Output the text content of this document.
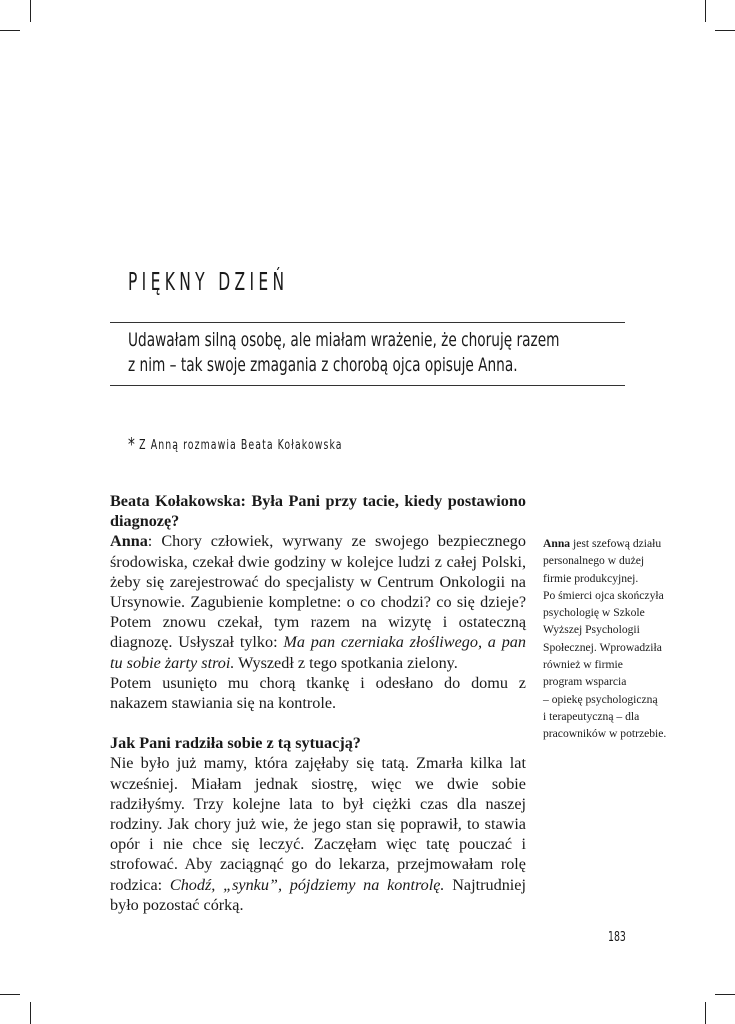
PIĘKNY DZIEŃ
Udawałam silną osobę, ale miałam wrażenie, że choruję razem
z nim – tak swoje zmagania z chorobą ojca opisuje Anna.
* Z Anną rozmawia Beata Kołakowska

Beata Kołakowska: Była Pani przy tacie, kiedy postawiono diagnozę?

Anna: Chory człowiek, wyrwany ze swojego bezpiecznego środowiska, czekał dwie godziny w kolejce ludzi z całej Polski, żeby się zarejestrować do specjalisty w Centrum Onkologii na Ursynowie. Zagubienie kompletne: o co chodzi? co się dzieje? Potem znowu czekał, tym razem na wizytę i ostateczną diagnozę. Usłyszał tylko: Ma pan czerniaka złośliwego, a pan tu sobie żarty stroi. Wyszedł z tego spotkania zielony.

Potem usunięto mu chorą tkankę i odesłano do domu z nakazem stawiania się na kontrole.

Jak Pani radziła sobie z tą sytuacją?

Nie było już mamy, która zajęłaby się tatą. Zmarła kilka lat wcześniej. Miałam jednak siostrę, więc we dwie sobie radziłyśmy. Trzy kolejne lata to był ciężki czas dla naszej rodziny. Jak chory już wie, że jego stan się poprawił, to stawia opór i nie chce się leczyć. Zaczęłam więc tatę pouczać i strofować. Aby zaciągnąć go do lekarza, przejmowałam rolę rodzica: Chodź, „synku”, pójdziemy na kontrolę. Najtrudniej było pozostać córką.

Anna jest szefową działu
personalnego w dużej
firmie produkcyjnej.
Po śmierci ojca skończyła
psychologię w Szkole
Wyższej Psychologii
Społecznej. Wprowadziła
również w firmie
program wsparcia
– opiekę psychologiczną
i terapeutyczną – dla
pracowników w potrzebie.
183
